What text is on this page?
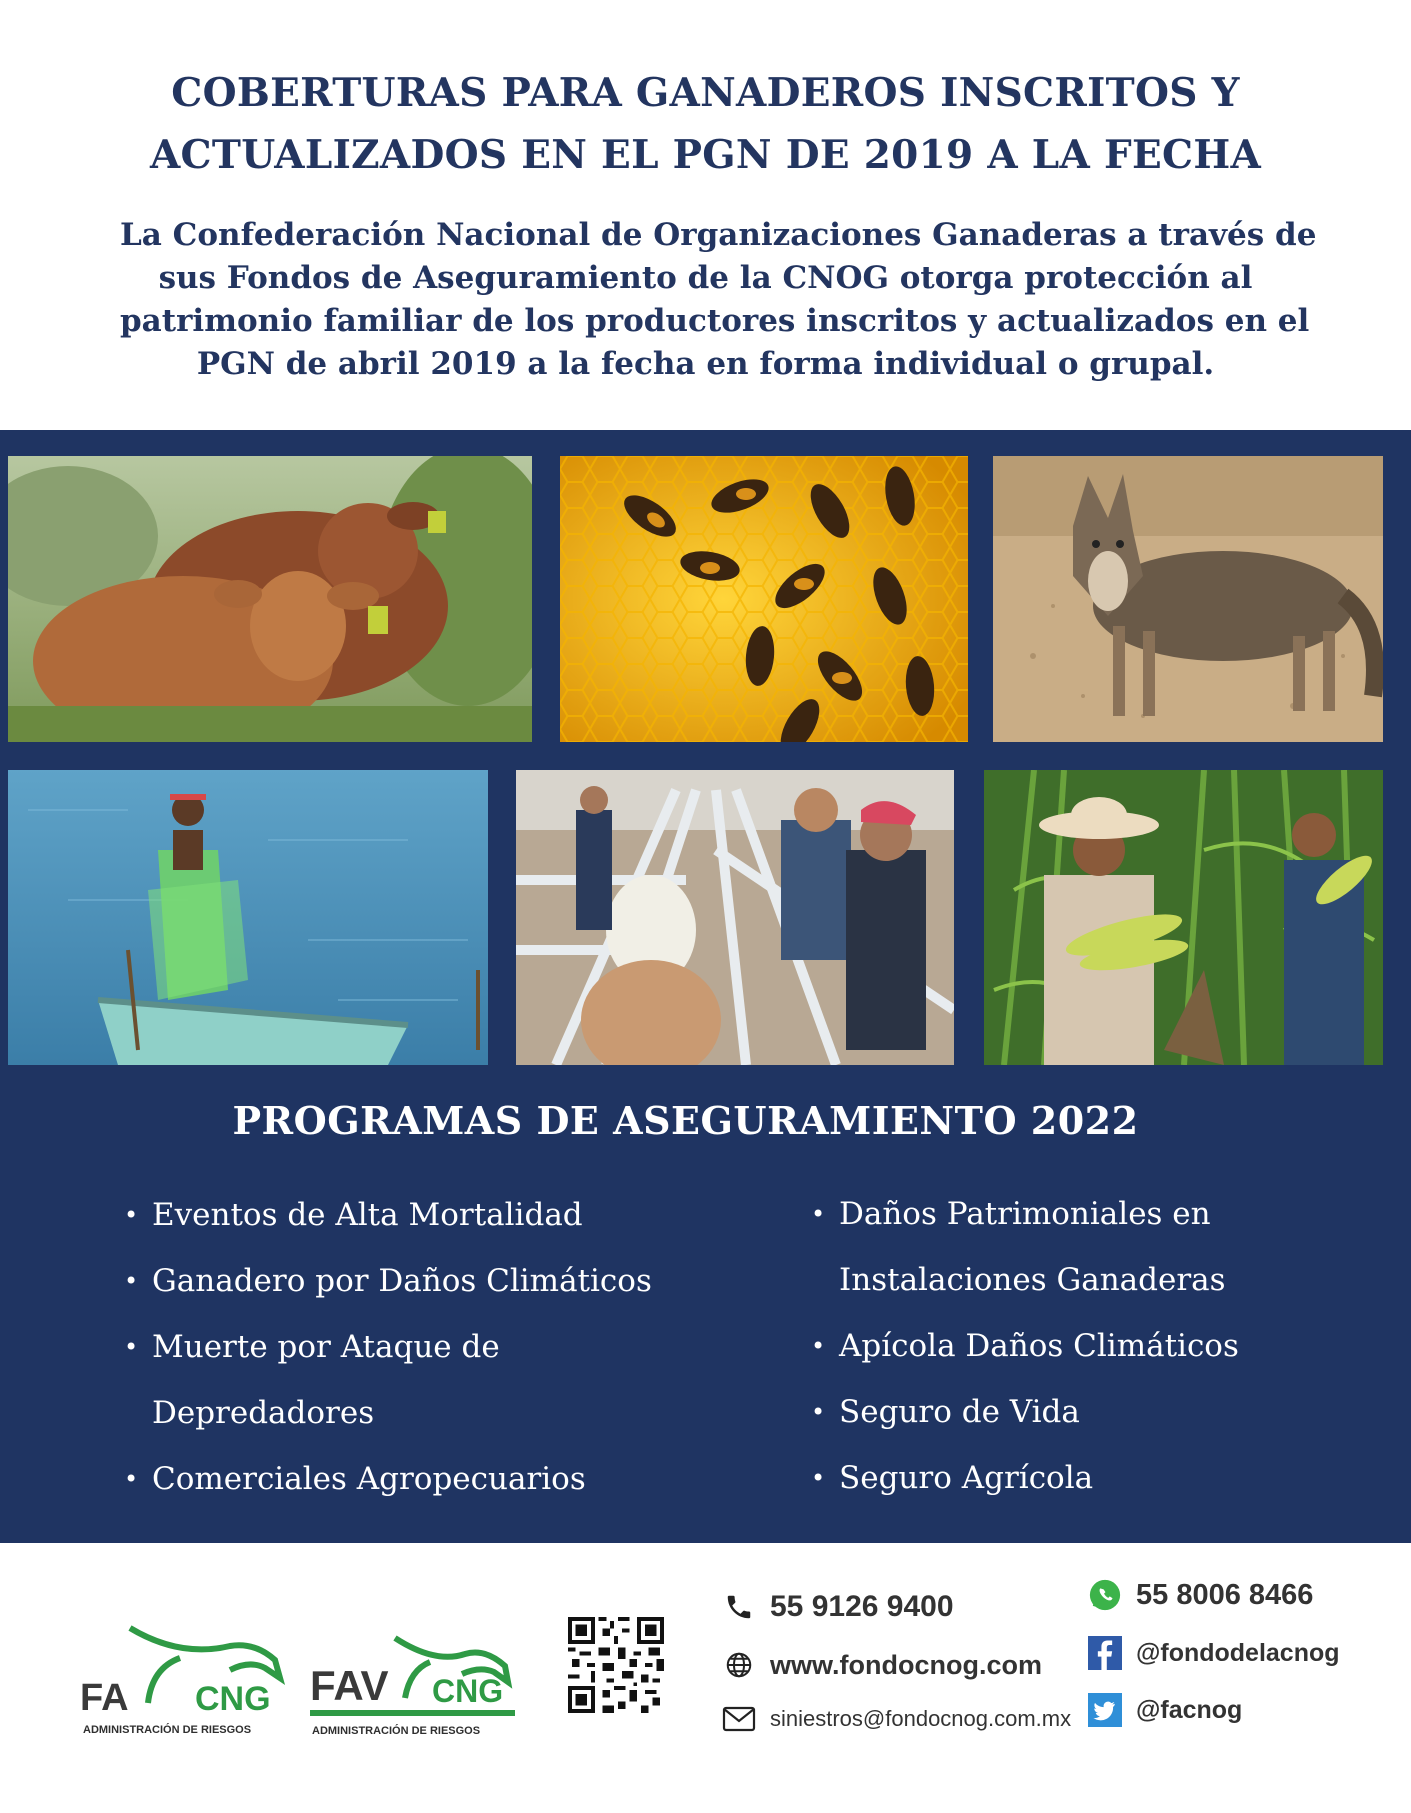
COBERTURAS PARA GANADEROS INSCRITOS Y
ACTUALIZADOS EN EL PGN DE 2019 A LA FECHA

La Confederación Nacional de Organizaciones Ganaderas a través de
sus Fondos de Aseguramiento de la CNOG otorga protección al
patrimonio familiar de los productores inscritos y actualizados en el
PGN de abril 2019 a la fecha en forma individual o grupal.

PROGRAMAS DE ASEGURAMIENTO 2022
• Eventos de Alta Mortalidad
• Ganadero por Daños Climáticos
• Muerte por Ataque de
Depredadores
• Comerciales Agropecuarios
• Daños Patrimoniales en
Instalaciones Ganaderas
• Apícola Daños Climáticos
• Seguro de Vida
• Seguro Agrícola
FA CNG
ADMINISTRACIÓN DE RIESGOS
FAV CNG
ADMINISTRACIÓN DE RIESGOS
55 9126 9400
www.fondocnog.com
siniestros@fondocnog.com.mx
55 8006 8466
@fondodelacnog
@facnog
